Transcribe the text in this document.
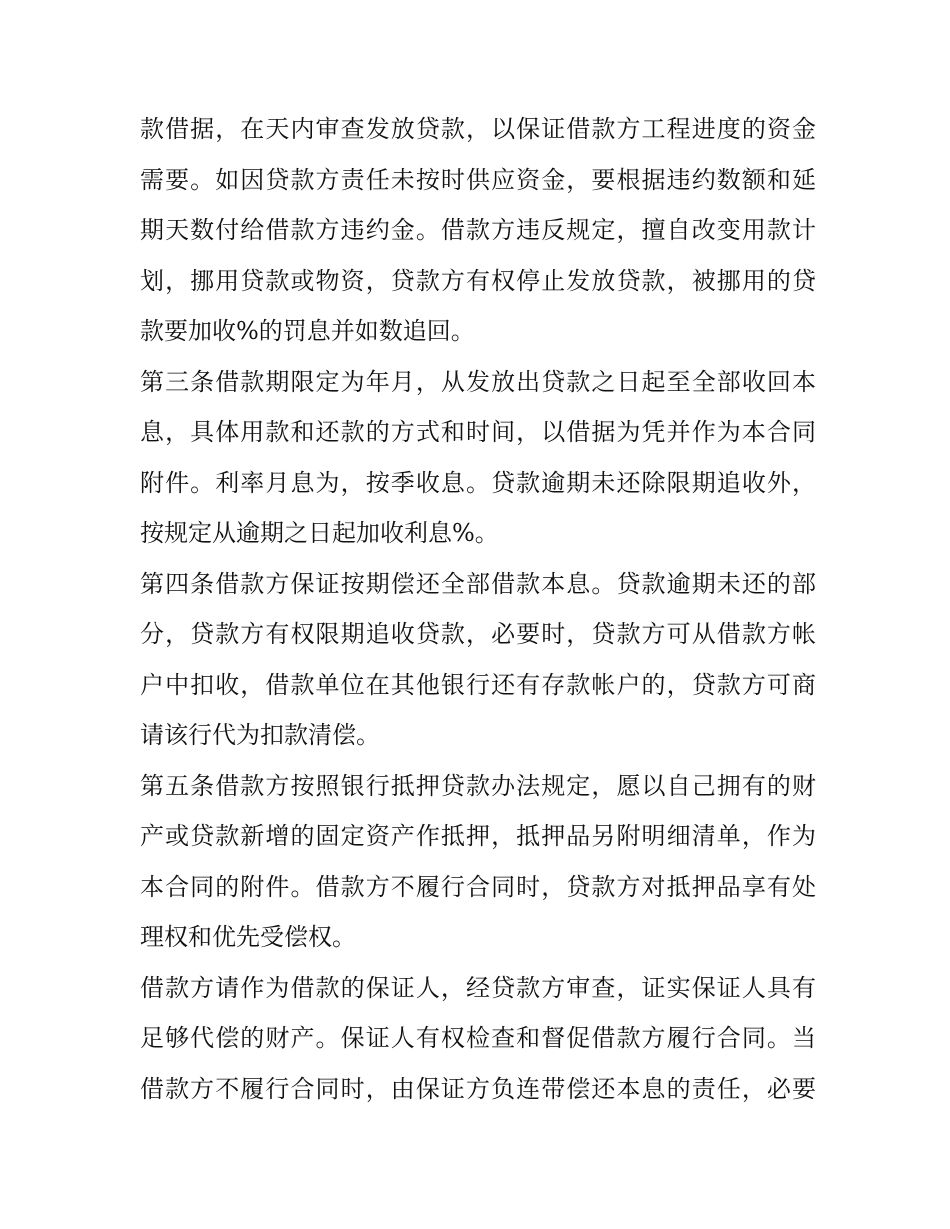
款借据，在天内审查发放贷款，以保证借款方工程进度的资金
需要。如因贷款方责任未按时供应资金，要根据违约数额和延
期天数付给借款方违约金。借款方违反规定，擅自改变用款计
划，挪用贷款或物资，贷款方有权停止发放贷款，被挪用的贷
款要加收%的罚息并如数追回。
第三条借款期限定为年月，从发放出贷款之日起至全部收回本
息，具体用款和还款的方式和时间，以借据为凭并作为本合同
附件。利率月息为，按季收息。贷款逾期未还除限期追收外，
按规定从逾期之日起加收利息%。
第四条借款方保证按期偿还全部借款本息。贷款逾期未还的部
分，贷款方有权限期追收贷款，必要时，贷款方可从借款方帐
户中扣收，借款单位在其他银行还有存款帐户的，贷款方可商
请该行代为扣款清偿。
第五条借款方按照银行抵押贷款办法规定，愿以自己拥有的财
产或贷款新增的固定资产作抵押，抵押品另附明细清单，作为
本合同的附件。借款方不履行合同时，贷款方对抵押品享有处
理权和优先受偿权。
借款方请作为借款的保证人，经贷款方审查，证实保证人具有
足够代偿的财产。保证人有权检查和督促借款方履行合同。当
借款方不履行合同时，由保证方负连带偿还本息的责任，必要
